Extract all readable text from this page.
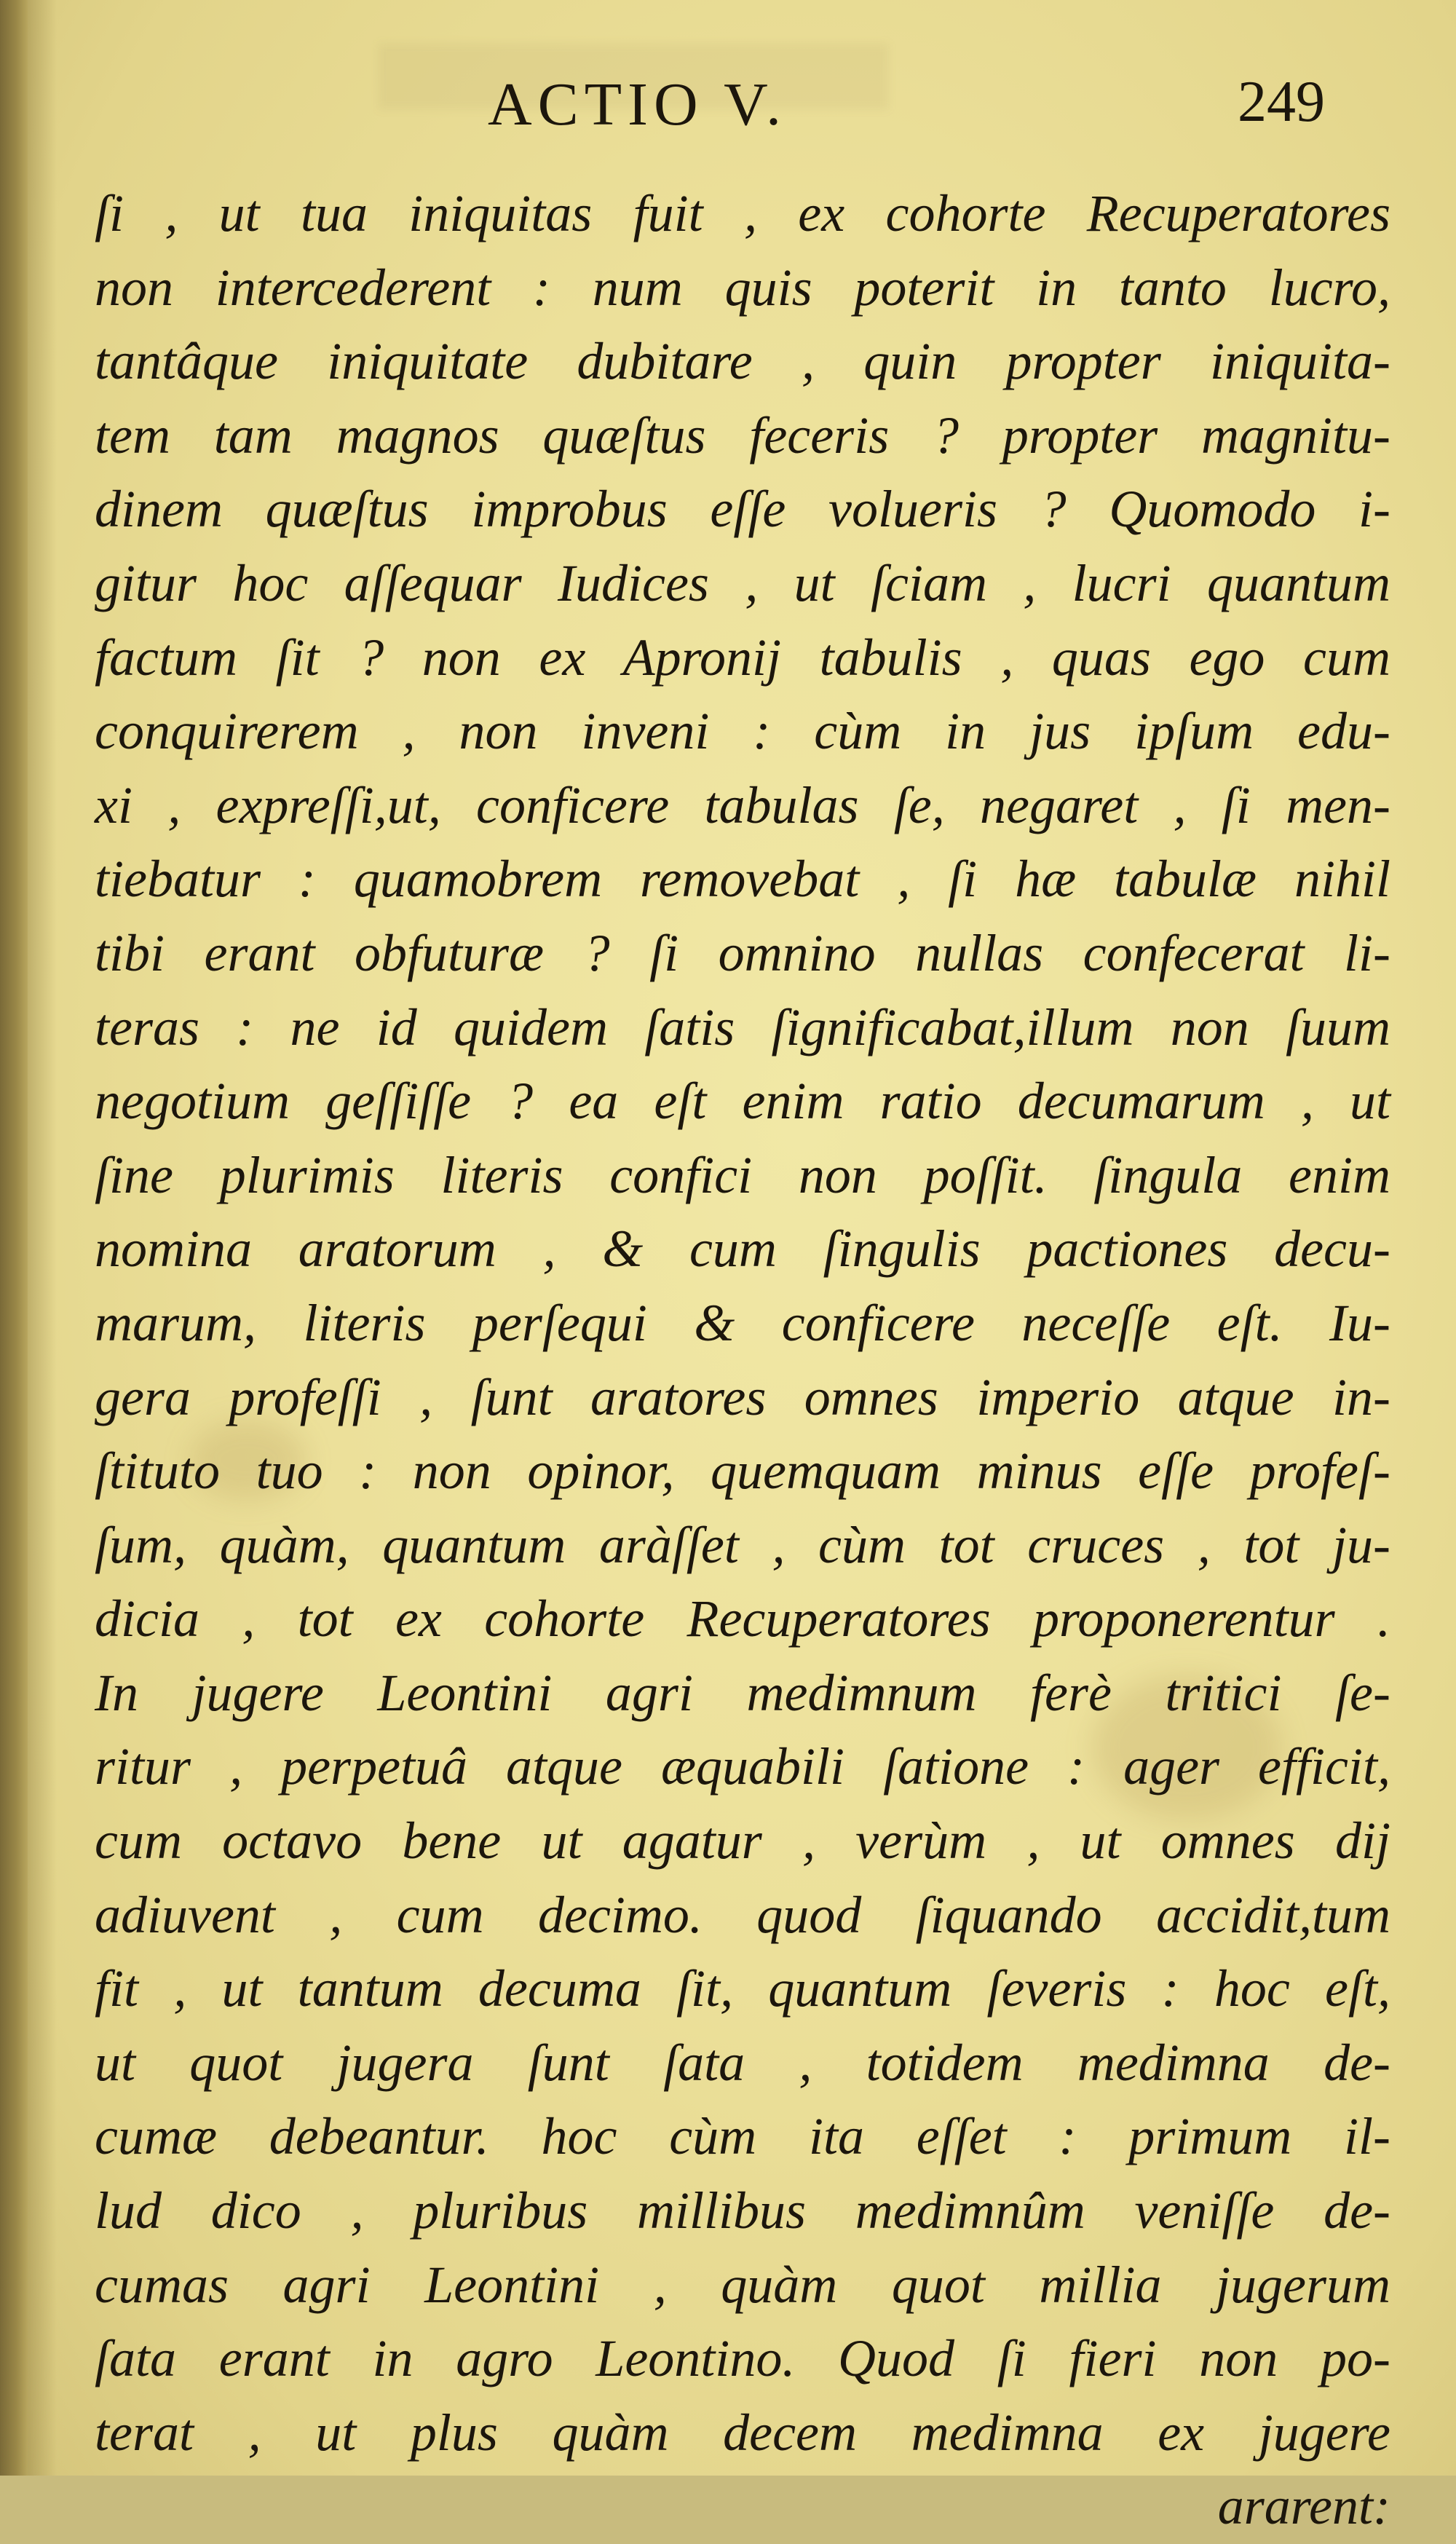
ACTIO V.	249
ſi , ut tua iniquitas fuit , ex cohorte Recuperatores
non intercederent : num quis poterit in tanto lucro,
tantâque iniquitate dubitare , quin propter iniquita-
tem tam magnos quæſtus feceris ? propter magnitu-
dinem quæſtus improbus eſſe volueris ? Quomodo i-
gitur hoc aſſequar Iudices , ut ſciam , lucri quantum
factum ſit ? non ex Apronij tabulis , quas ego cum
conquirerem , non inveni : cùm in jus ipſum edu-
xi , expreſſi,ut, conficere tabulas ſe, negaret , ſi men-
tiebatur : quamobrem removebat , ſi hæ tabulæ nihil
tibi erant obfuturæ ? ſi omnino nullas confecerat li-
teras : ne id quidem ſatis ſignificabat,illum non ſuum
negotium geſſiſſe ? ea eſt enim ratio decumarum , ut
ſine plurimis literis confici non poſſit. ſingula enim
nomina aratorum , & cum ſingulis pactiones decu-
marum, literis perſequi & conficere neceſſe eſt. Iu-
gera profeſſi , ſunt aratores omnes imperio atque in-
ſtituto tuo : non opinor, quemquam minus eſſe profeſ-
ſum, quàm, quantum aràſſet , cùm tot cruces , tot ju-
dicia , tot ex cohorte Recuperatores proponerentur .
In jugere Leontini agri medimnum ferè tritici ſe-
ritur , perpetuâ atque æquabili ſatione : ager efficit,
cum octavo bene ut agatur , verùm , ut omnes dij
adiuvent , cum decimo. quod ſiquando accidit,tum
fit , ut tantum decuma ſit, quantum ſeveris : hoc eſt,
ut quot jugera ſunt ſata , totidem medimna de-
cumæ debeantur. hoc cùm ita eſſet : primum il-
lud dico , pluribus millibus medimnûm veniſſe de-
cumas agri Leontini , quàm quot millia jugerum
ſata erant in agro Leontino. Quod ſi fieri non po-
terat , ut plus quàm decem medimna ex jugere
ararent:
